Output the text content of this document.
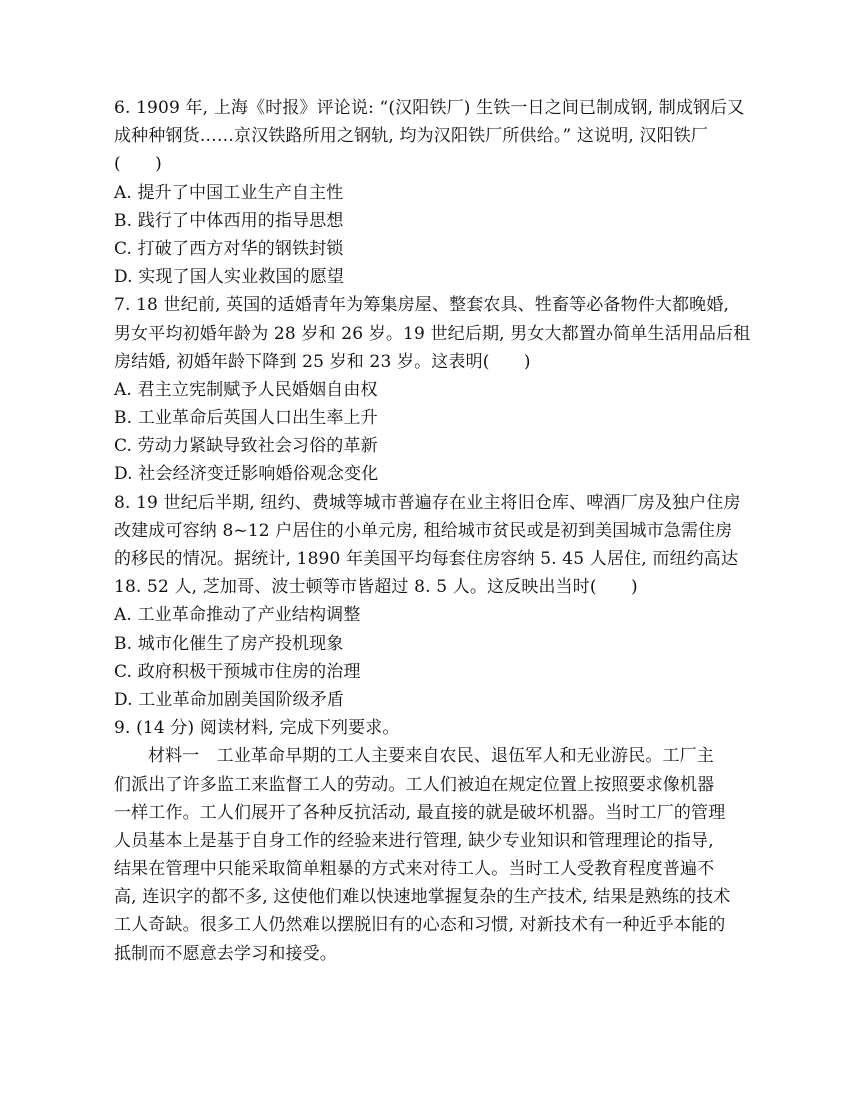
6. 1909 年, 上海《时报》评论说: “(汉阳铁厂) 生铁一日之间已制成钢, 制成钢后又
成种种钢货……京汉铁路所用之钢轨, 均为汉阳铁厂所供给。” 这说明, 汉阳铁厂
(　　)
A. 提升了中国工业生产自主性
B. 践行了中体西用的指导思想
C. 打破了西方对华的钢铁封锁
D. 实现了国人实业救国的愿望
7. 18 世纪前, 英国的适婚青年为筹集房屋、整套农具、牲畜等必备物件大都晚婚,
男女平均初婚年龄为 28 岁和 26 岁。19 世纪后期, 男女大都置办简单生活用品后租
房结婚, 初婚年龄下降到 25 岁和 23 岁。这表明(　　)
A. 君主立宪制赋予人民婚姻自由权
B. 工业革命后英国人口出生率上升
C. 劳动力紧缺导致社会习俗的革新
D. 社会经济变迁影响婚俗观念变化
8. 19 世纪后半期, 纽约、费城等城市普遍存在业主将旧仓库、啤酒厂房及独户住房
改建成可容纳 8~12 户居住的小单元房, 租给城市贫民或是初到美国城市急需住房
的移民的情况。据统计, 1890 年美国平均每套住房容纳 5. 45 人居住, 而纽约高达
18. 52 人, 芝加哥、波士顿等市皆超过 8. 5 人。这反映出当时(　　)
A. 工业革命推动了产业结构调整
B. 城市化催生了房产投机现象
C. 政府积极干预城市住房的治理
D. 工业革命加剧美国阶级矛盾
9. (14 分) 阅读材料, 完成下列要求。
材料一　工业革命早期的工人主要来自农民、退伍军人和无业游民。工厂主
们派出了许多监工来监督工人的劳动。工人们被迫在规定位置上按照要求像机器
一样工作。工人们展开了各种反抗活动, 最直接的就是破坏机器。当时工厂的管理
人员基本上是基于自身工作的经验来进行管理, 缺少专业知识和管理理论的指导,
结果在管理中只能采取简单粗暴的方式来对待工人。当时工人受教育程度普遍不
高, 连识字的都不多, 这使他们难以快速地掌握复杂的生产技术, 结果是熟练的技术
工人奇缺。很多工人仍然难以摆脱旧有的心态和习惯, 对新技术有一种近乎本能的
抵制而不愿意去学习和接受。
